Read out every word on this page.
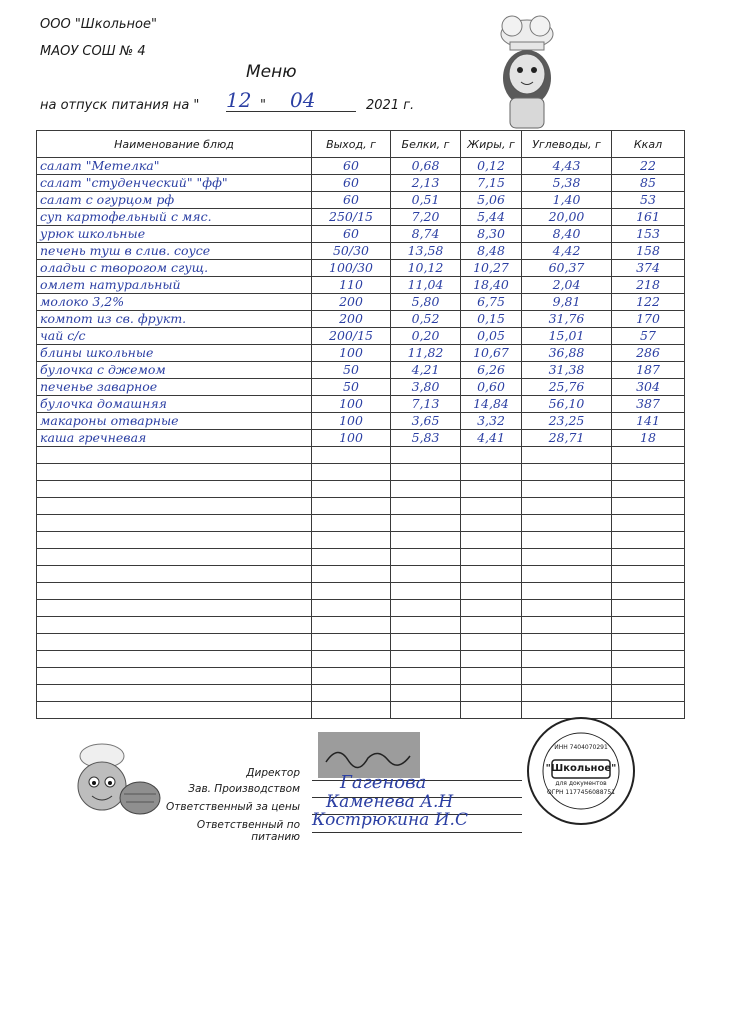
ООО "Школьное"
МАОУ СОШ № 4
Меню
на отпуск питания на " 12 " 04	2021 г.
Наименование блюд	Выход, г	Белки, г	Жиры, г	Углеводы, г	Ккал
салат "Метелка"	60	0,68	0,12	4,43	22
салат "студенческий" "фф"	60	2,13	7,15	5,38	85
салат с огурцом рф	60	0,51	5,06	1,40	53
суп картофельный с мяс.	250/15	7,20	5,44	20,00	161
урюк школьные	60	8,74	8,30	8,40	153
печень туш в слив. соусе	50/30	13,58	8,48	4,42	158
оладьи с творогом сгущ.	100/30	10,12	10,27	60,37	374
омлет натуральный	110	11,04	18,40	2,04	218
молоко 3,2%	200	5,80	6,75	9,81	122
компот из св. фрукт.	200	0,52	0,15	31,76	170
чай с/с	200/15	0,20	0,05	15,01	57
блины школьные	100	11,82	10,67	36,88	286
булочка с джемом	50	4,21	6,26	31,38	187
печенье заварное	50	3,80	0,60	25,76	304
булочка домашняя	100	7,13	14,84	56,10	387
макароны отварные	100	3,65	3,32	23,25	141
каша гречневая	100	5,83	4,41	28,71	18

Директор
Зав. Производством Гагенова
Ответственный за цены Каменева А.Н
Ответственный по питанию
Кострюкина И.С
ИНН 7404070291
"Школьное"
для документов
ОГРН 1177456088751
